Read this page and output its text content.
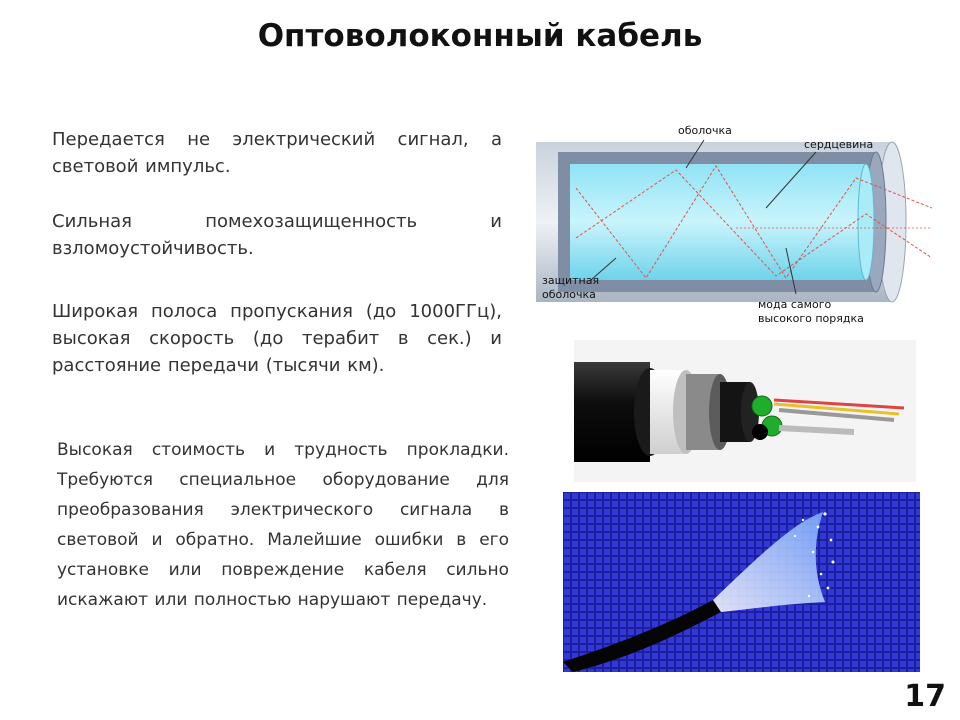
Оптоволоконный кабель
Передается не электрический сигнал, а световой импульс.
Сильная помехозащищенность и взломоустойчивость.
Широкая полоса пропускания (до 1000ГГц), высокая скорость (до терабит в сек.) и расстояние передачи (тысячи км).
Высокая стоимость и трудность прокладки. Требуются специальное оборудование для преобразования электрического сигнала в световой и обратно. Малейшие ошибки в его установке или повреждение кабеля сильно искажают или полностью нарушают передачу.
оболочка
сердцевина
защитная
оболочка
мода самого
высокого порядка
17
